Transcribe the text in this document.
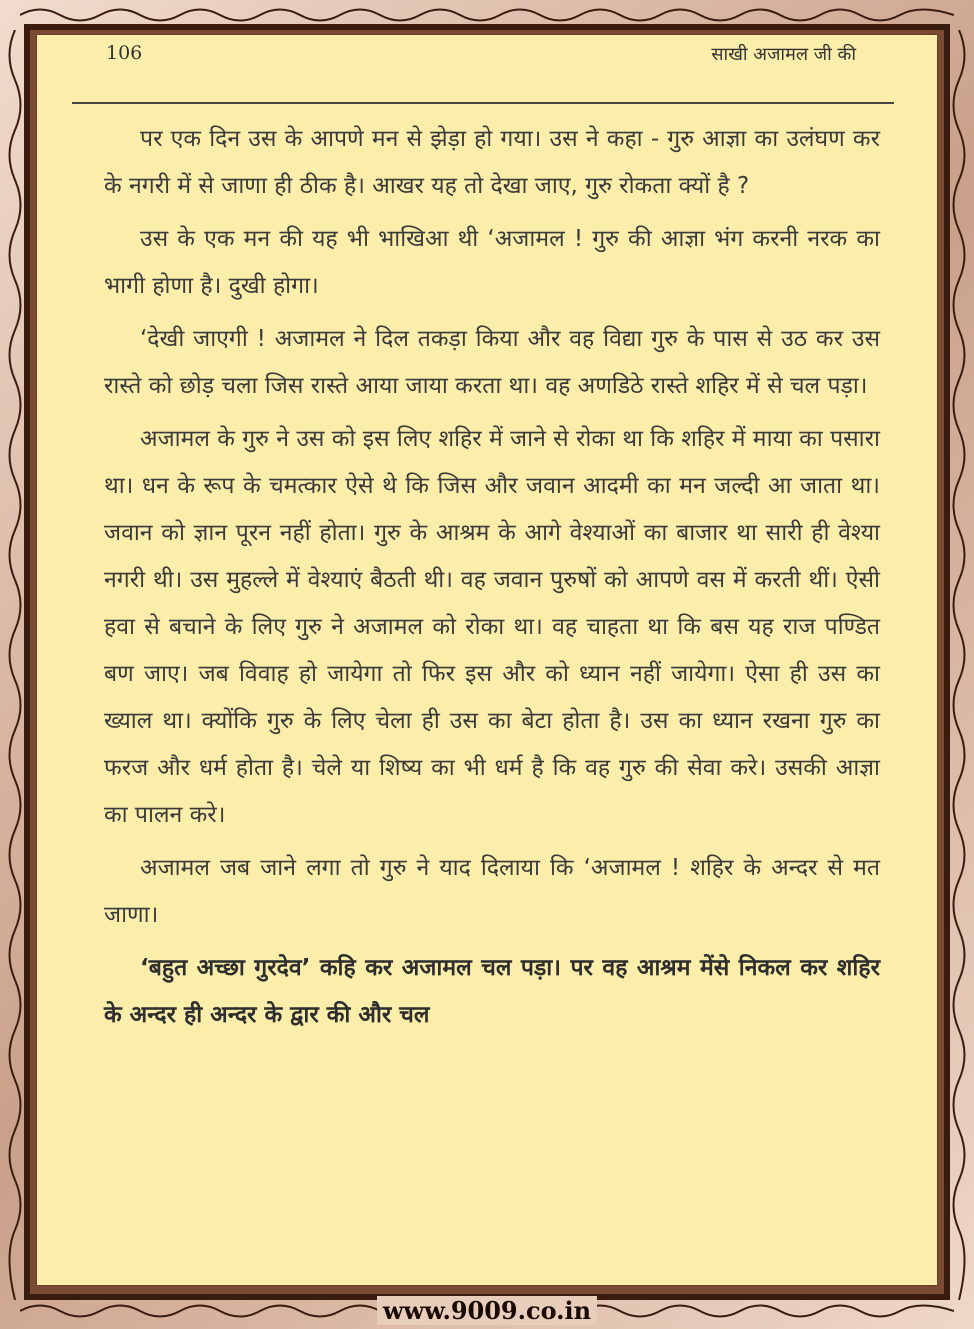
106	साखी अजामल जी की

पर एक दिन उस के आपणे मन से झेड़ा हो गया। उस ने कहा - गुरु आज्ञा का उलंघण कर के नगरी में से जाणा ही ठीक है। आखर यह तो देखा जाए, गुरु रोकता क्यों है ?

उस के एक मन की यह भी भाखिआ थी ‘अजामल ! गुरु की आज्ञा भंग करनी नरक का भागी होणा है। दुखी होगा।

‘देखी जाएगी ! अजामल ने दिल तकड़ा किया और वह विद्या गुरु के पास से उठ कर उस रास्ते को छोड़ चला जिस रास्ते आया जाया करता था। वह अणडिठे रास्ते शहिर में से चल पड़ा।

अजामल के गुरु ने उस को इस लिए शहिर में जाने से रोका था कि शहिर में माया का पसारा था। धन के रूप के चमत्कार ऐसे थे कि जिस और जवान आदमी का मन जल्दी आ जाता था। जवान को ज्ञान पूरन नहीं होता। गुरु के आश्रम के आगे वेश्याओं का बाजार था सारी ही वेश्या नगरी थी। उस मुहल्ले में वेश्याएं बैठती थी। वह जवान पुरुषों को आपणे वस में करती थीं। ऐसी हवा से बचाने के लिए गुरु ने अजामल को रोका था। वह चाहता था कि बस यह राज पण्डित बण जाए। जब विवाह हो जायेगा तो फिर इस और को ध्यान नहीं जायेगा। ऐसा ही उस का ख्याल था। क्योंकि गुरु के लिए चेला ही उस का बेटा होता है। उस का ध्यान रखना गुरु का फरज और धर्म होता है। चेले या शिष्य का भी धर्म है कि वह गुरु की सेवा करे। उसकी आज्ञा का पालन करे।

अजामल जब जाने लगा तो गुरु ने याद दिलाया कि ‘अजामल ! शहिर के अन्दर से मत जाणा।

‘बहुत अच्छा गुरदेव’ कहि कर अजामल चल पड़ा। पर वह आश्रम मेंसे निकल कर शहिर के अन्दर ही अन्दर के द्वार की और चल

www.9009.co.in
